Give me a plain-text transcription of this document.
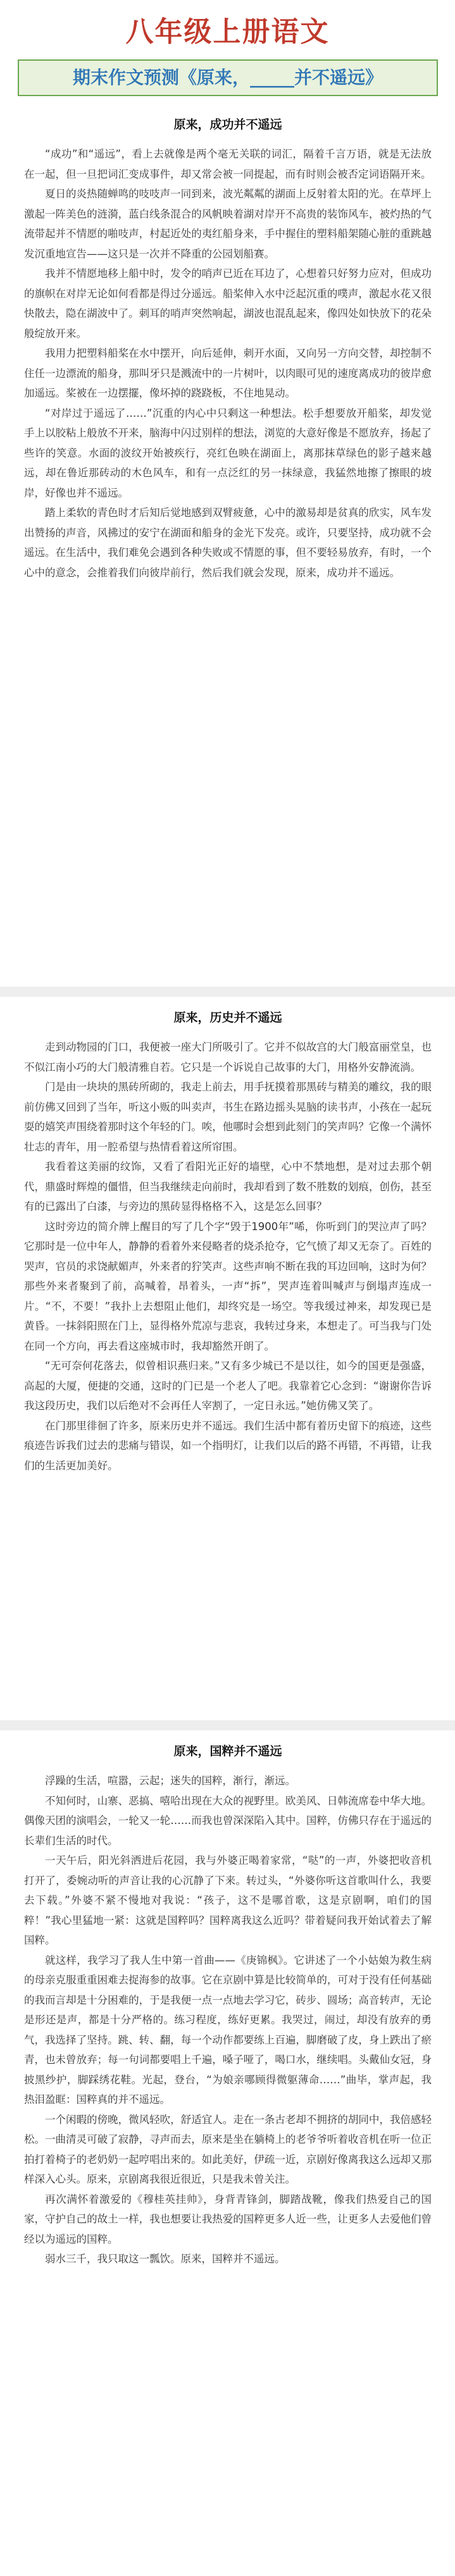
八年级上册语文
期末作文预测《原来，_____并不遥远》
原来，成功并不遥远

“成功”和“遥远”，看上去就像是两个毫无关联的词汇，隔着千言万语，就是无法放在一起，但一旦把词汇变成事件，却又常会被一同提起，而有时则会被否定词语隔开来。

夏日的炎热随蝉鸣的吱吱声一同到来，波光粼粼的湖面上反射着太阳的光。在草坪上激起一阵美色的涟漪，蓝白线条混合的风帆映着湖对岸开不高贵的装饰风车，被灼热的气流带起并不情愿的啪吱声，村起近处的夷红船身来，手中握住的塑料船架随心脏的重跳越发沉重地宣告——这只是一次并不降重的公园划船赛。

我并不情愿地移上船中时，发令的哨声已近在耳边了，心想着只好努力应对，但成功的旗帜在对岸无论如何看都是得过分遥远。船桨伸入水中泛起沉重的噗声，激起水花又很快散去，隐在湖波中了。刺耳的哨声突然响起，湖波也混乱起来，像四处如快放下的花朵般绽放开来。

我用力把塑料船桨在水中摆开，向后延伸，刺开水面，又向另一方向交替，却控制不住任一边漂流的船身，那叫牙只是溅流中的一片树叶，以肉眼可见的速度离成功的彼岸愈加遥远。桨被在一边摆擺，像坏掉的跷跷板，不住地晃动。

“对岸过于遥远了……”沉重的内心中只剩这一种想法。松手想要放开船桨，却发觉手上以胶粘上般放不开来，脑海中闪过别样的想法，浏览的大意好像是不愿放弃，扬起了些许的笑意。水面的波纹开始被疾行，亮红色映在湖面上，离那抹草绿色的影子越来越远，却在鲁近那砖动的木色风车，和有一点泛红的另一抹绿意，我猛然地擦了擦眼的坡岸，好像也并不遥远。

踏上柔软的青色时才后知后觉地感到双臂疲惫，心中的激易却是贫真的欣实，风车发出赞扬的声音，风拂过的安宁在湖面和船身的金光下发亮。或许，只要坚持，成功就不会遥远。在生活中，我们难免会遇到各种失败或不情愿的事，但不要轻易放弃，有时，一个心中的意念，会推着我们向彼岸前行，然后我们就会发现，原来，成功并不遥远。

原来，历史并不遥远

走到动物园的门口，我便被一座大门所吸引了。它并不似故宫的大门般富丽堂皇，也不似江南小巧的大门般清雅自若。它只是一个诉说自己故事的大门，用格外安静流淌。

门是由一块块的黑砖所砌的，我走上前去，用手抚摸着那黑砖与精美的雕纹，我的眼前仿佛又回到了当年，听这小贩的叫卖声，书生在路边摇头晃脑的读书声，小孩在一起玩耍的嬉笑声围绕着那时这个年轻的门。唉，他哪时会想到此刻门的笑声吗？它像一个满怀壮志的青年，用一腔希望与热情看着这所帘围。

我看着这美丽的纹饰，又看了看阳光正好的墙壁，心中不禁地想，是对过去那个朝代，鼎盛时辉煌的僵惜，但当我继续走向前时，我却看到了数不胜数的划痕，创伤，甚至有的已露出了白漆，与旁边的黑砖显得格格不入，这是怎么回事？

这时旁边的简介牌上醒目的写了几个字“毁于1900年”唏，你听到门的哭泣声了吗？它那时是一位中年人，静静的看着外来侵略者的烧杀抢夺，它气愤了却又无奈了。百姓的哭声，官员的求饶献媚声，外来者的狞笑声。这些声响不断在我的耳边回响，这时为何？那些外来者聚到了前，高喊着，昂着头，一声“拆”，哭声连着叫喊声与倒塌声连成一片。“不，不要！”我扑上去想阻止他们，却终究是一场空。等我缓过神来，却发现已是黄昏。一抹斜阳照在门上，显得格外荒凉与悲哀，我转过身来，本想走了。可当我与门处在同一个方向，再去看这座城市时，我却豁然开朗了。

“无可奈何花落去，似曾相识燕归来。”又有多少城已不是以往，如今的国更是强盛，高起的大厦，便捷的交通，这时的门已是一个老人了吧。我靠着它心念到：“谢谢你告诉我这段历史，我们以后绝对不会再任人宰割了，一定日永远。”她仿佛又笑了。

在门那里徘徊了许多，原来历史并不遥远。我们生活中都有着历史留下的痕迹，这些痕迹告诉我们过去的悲痛与错误，如一个指明灯，让我们以后的路不再错，不再错，让我们的生活更加美好。

原来，国粹并不遥远

浮躁的生活，喧嚣，云起；迷失的国粹，渐行，渐远。

不知何时，山寨、恶搞、嘻哈出现在大众的视野里。欧美风、日韩流席卷中华大地。偶像天团的演唱会，一轮又一轮……而我也曾深深陷入其中。国粹，仿佛只存在于遥远的长辈们生活的时代。

一天午后，阳光斜洒进后花园，我与外婆正喝着家常，“哒”的一声，外婆把收音机打开了，委婉动听的声音让我的心沉静了下来。转过头，“外婆你听这首歌叫什么，我要去下载。”外婆不紧不慢地对我说：“孩子，这不是哪首歌，这是京剧啊，咱们的国粹！”我心里猛地一紧：这就是国粹吗？国粹离我这么近吗？带着疑问我开始试着去了解国粹。

就这样，我学习了我人生中第一首曲——《庚锦枫》。它讲述了一个小姑娘为救生病的母亲克服重重困难去捉海参的故事。它在京剧中算是比较简单的，可对于没有任何基础的我而言却是十分困难的，于是我便一点一点地去学习它，砖步、圆场；高音转声，无论是形还是声，都是十分严格的。练习程度，练好更累。我哭过，闹过，却没有放弃的勇气，我选择了坚持。跳、转、翻，每一个动作都要练上百遍，脚磨破了皮，身上跌出了瘀青，也未曾放弃；每一句词都要唱上千遍，嗓子哑了，喝口水，继续唱。头戴仙女冠，身披黑纱护，脚踩绣花鞋。光起，登台，“为娘亲哪顾得微躯薄命……”曲毕，掌声起，我热泪盈眶：国粹真的并不遥远。

一个闲暇的傍晚，微风轻吹，舒适宜人。走在一条古老却不拥挤的胡同中，我倍感轻松。一曲清灵可破了寂静，寻声而去，原来是坐在躺椅上的老爷爷听着收音机在听一位正拍打着椅子的老奶奶一起哼唱出来的。如此美好，伊疏一近，京剧好像离我这么远却又那样深入心头。原来，京剧离我很近很近，只是我未曾关注。

再次满怀着激爱的《穆桂英挂帅》，身背青锋剑，脚踏战靴，像我们热爱自己的国家，守护自己的故土一样，我也想要让我热爱的国粹更多人近一些，让更多人去爱他们曾经以为遥远的国粹。

弱水三千，我只取这一瓢饮。原来，国粹并不遥远。
